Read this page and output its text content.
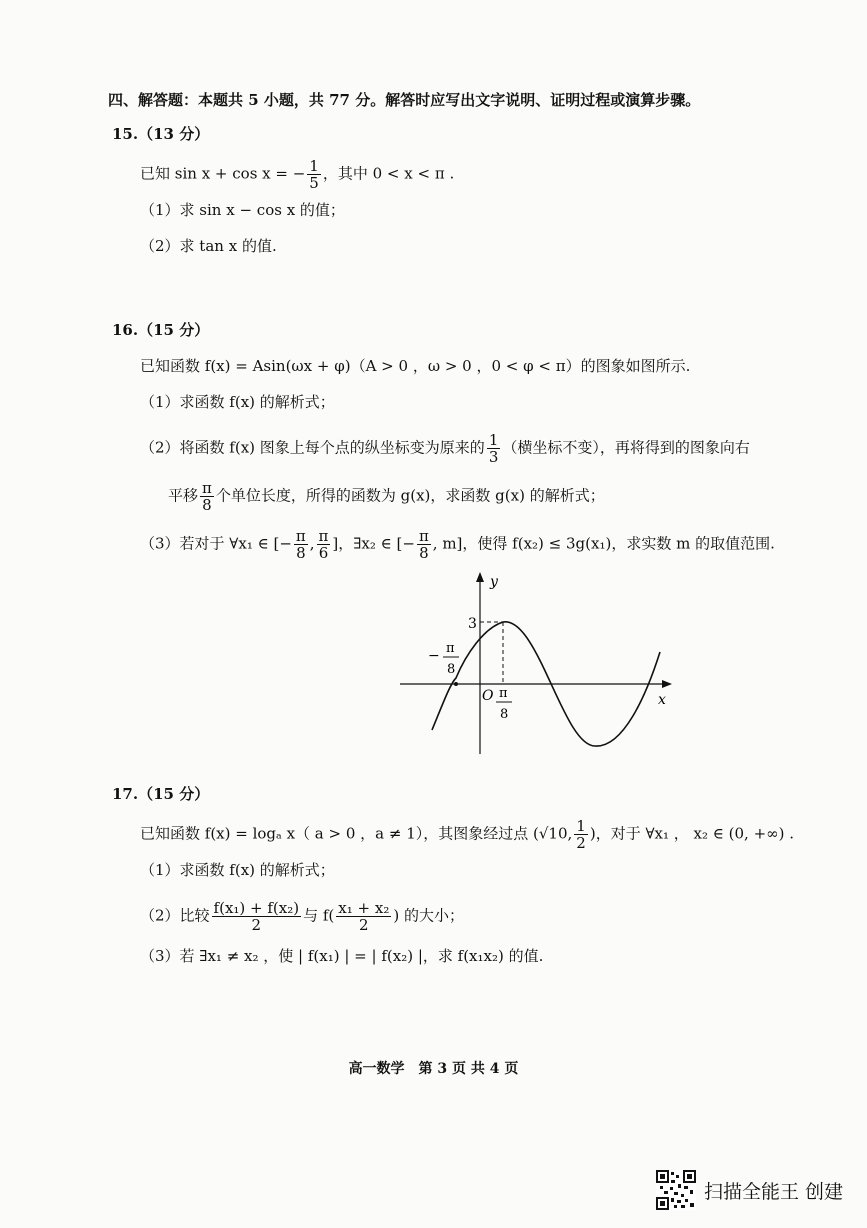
四、解答题：本题共 5 小题，共 77 分。解答时应写出文字说明、证明过程或演算步骤。
15.（13 分）
已知 sin x + cos x = − $\frac{1}{5}$ ，其中 0 < x < π .
（1）求 sin x − cos x 的值；
（2）求 tan x 的值.
16.（15 分）
已知函数 f(x) = Asin(ωx + φ)（A > 0 ，ω > 0 ，0 < φ < π）的图象如图所示.
（1）求函数 f(x) 的解析式；
（2）将函数 f(x) 图象上每个点的纵坐标变为原来的 $\frac{1}{3}$ （横坐标不变），再将得到的图象向右
平移 $\frac{\pi}{8}$ 个单位长度，所得的函数为 g(x)，求函数 g(x) 的解析式；
（3）若对于 ∀x₁ ∈ [− $\frac{\pi}{8}$ , $\frac{\pi}{6}$ ]，∃x₂ ∈ [− $\frac{\pi}{8}$ , m]，使得 f(x₂) ≤ 3g(x₁)，求实数 m 的取值范围.
y
x
O
3
− π
8
π
8
17.（15 分）
已知函数 f(x) = logₐ x（ a > 0 ，a ≠ 1），其图象经过点 (√10, $\frac{1}{2}$ )，对于 ∀x₁ ， x₂ ∈ (0, +∞) .
（1）求函数 f(x) 的解析式；
（2）比较 $\frac{\text{f(x₁) + f(x₂)}}{2}$ 与 $f( \frac{\text{x₁ + x₂}}{2}$ ) 的大小；
（3）若 ∃x₁ ≠ x₂ ，使 | f(x₁) | = | f(x₂) |，求 f(x₁x₂) 的值.
高一数学　第 3 页 共 4 页
扫描全能王 创建
